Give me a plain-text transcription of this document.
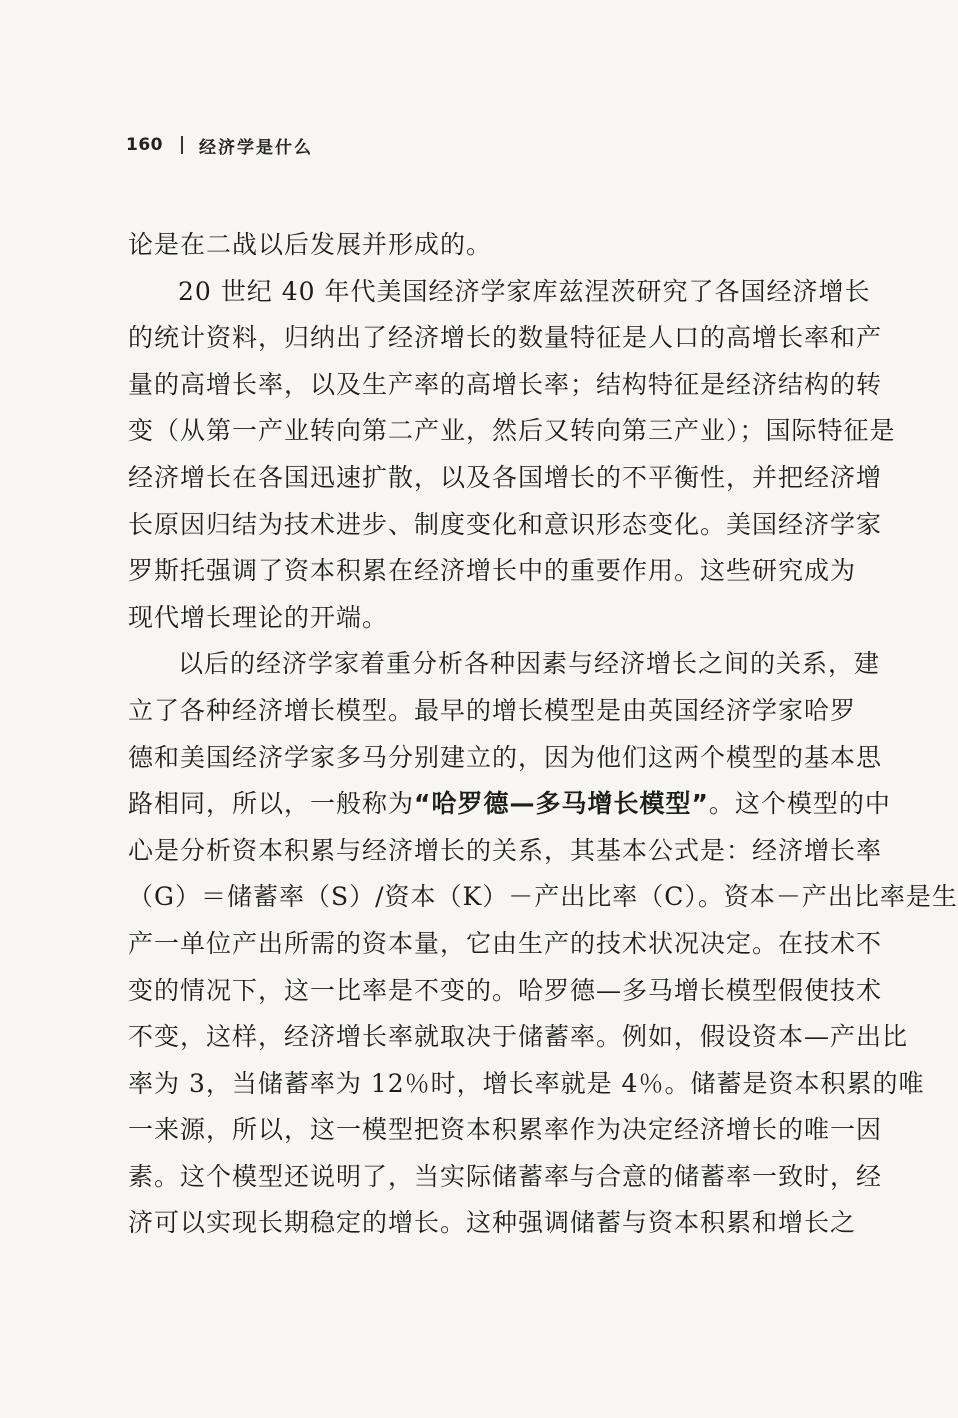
160 经济学是什么
论是在二战以后发展并形成的。
20 世纪 40 年代美国经济学家库兹涅茨研究了各国经济增长
的统计资料，归纳出了经济增长的数量特征是人口的高增长率和产
量的高增长率，以及生产率的高增长率；结构特征是经济结构的转
变（从第一产业转向第二产业，然后又转向第三产业）；国际特征是
经济增长在各国迅速扩散，以及各国增长的不平衡性，并把经济增
长原因归结为技术进步、制度变化和意识形态变化。美国经济学家
罗斯托强调了资本积累在经济增长中的重要作用。这些研究成为
现代增长理论的开端。
以后的经济学家着重分析各种因素与经济增长之间的关系，建
立了各种经济增长模型。最早的增长模型是由英国经济学家哈罗
德和美国经济学家多马分别建立的，因为他们这两个模型的基本思
路相同，所以，一般称为“哈罗德—多马增长模型”。这个模型的中
心是分析资本积累与经济增长的关系，其基本公式是：经济增长率
（G）＝储蓄率（S）/资本（K）－产出比率（C）。资本－产出比率是生
产一单位产出所需的资本量，它由生产的技术状况决定。在技术不
变的情况下，这一比率是不变的。哈罗德—多马增长模型假使技术
不变，这样，经济增长率就取决于储蓄率。例如，假设资本—产出比
率为 3，当储蓄率为 12％时，增长率就是 4％。储蓄是资本积累的唯
一来源，所以，这一模型把资本积累率作为决定经济增长的唯一因
素。这个模型还说明了，当实际储蓄率与合意的储蓄率一致时，经
济可以实现长期稳定的增长。这种强调储蓄与资本积累和增长之
